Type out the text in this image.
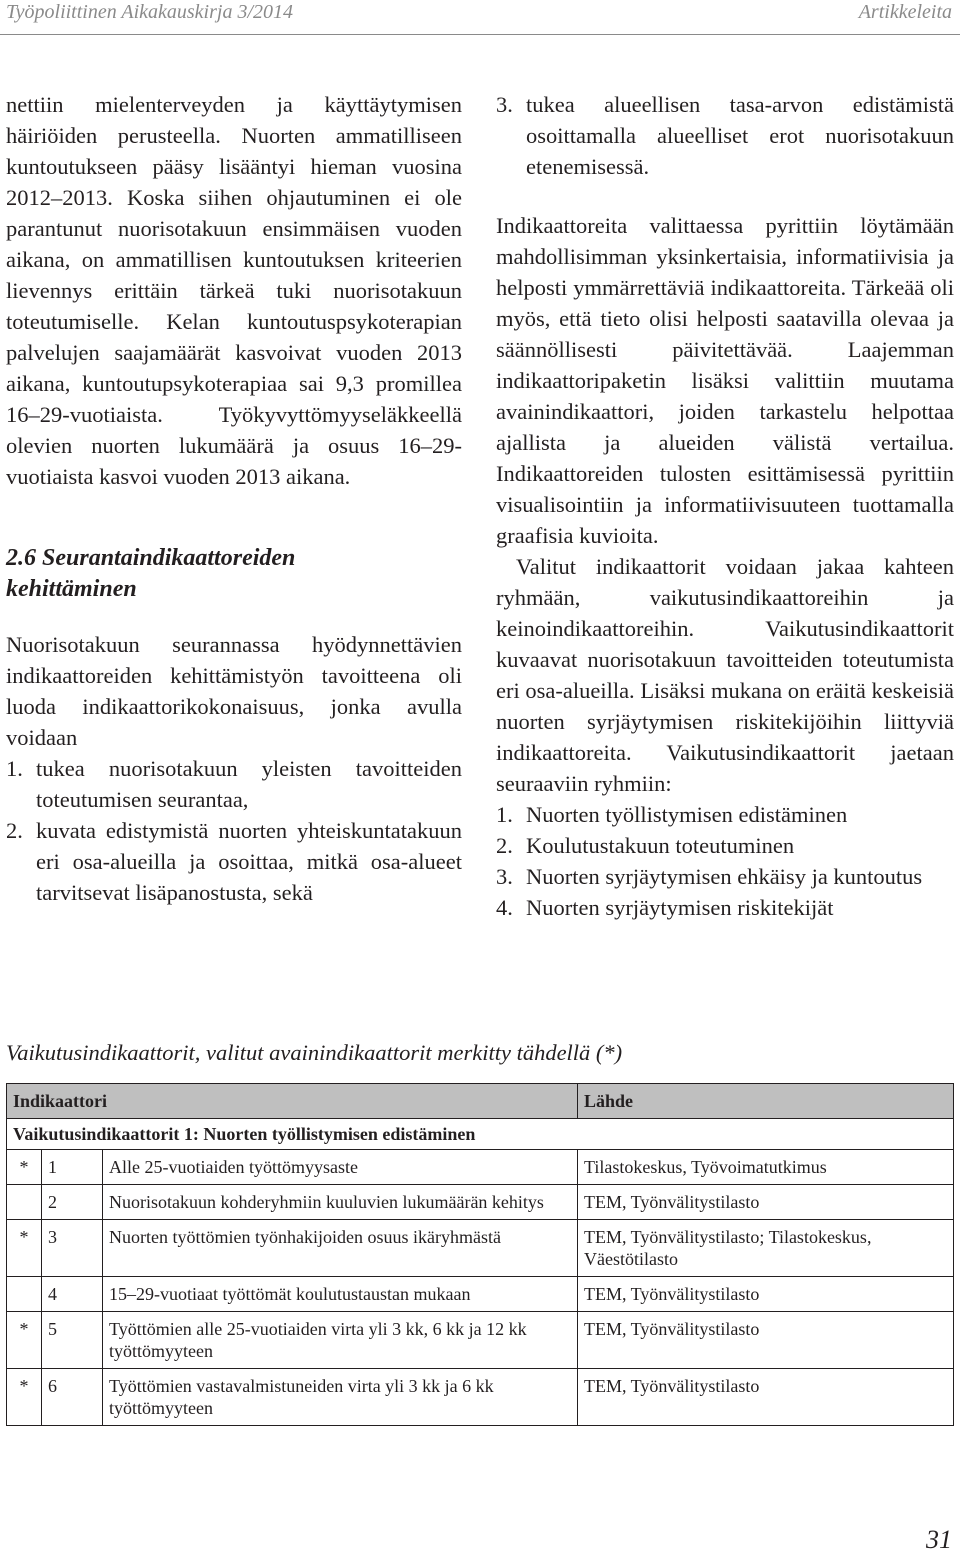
Työpoliittinen Aikakauskirja 3/2014	Artikkeleita

nettiin mielenterveyden ja käyttäytymisen häiriöiden perusteella. Nuorten ammatilliseen kuntoutukseen pääsy lisääntyi hieman vuosina 2012–2013. Koska siihen ohjautuminen ei ole parantunut nuorisotakuun ensimmäisen vuoden aikana, on ammatillisen kuntoutuksen kriteerien lievennys erittäin tärkeä tuki nuorisotakuun toteutumiselle. Kelan kuntoutuspsykoterapian palvelujen saajamäärät kasvoivat vuoden 2013 aikana, kuntoutupsykoterapiaa sai 9,3 promillea 16–29-vuotiaista. Työkyvyttömyyseläkkeellä olevien nuorten lukumäärä ja osuus 16–29-vuotiaista kasvoi vuoden 2013 aikana.

2.6 Seurantaindikaattoreiden
kehittäminen

Nuorisotakuun seurannassa hyödynnettävien indikaattoreiden kehittämistyön tavoitteena oli luoda indikaattorikokonaisuus, jonka avulla voidaan

1. tukea nuorisotakuun yleisten tavoitteiden toteutumisen seurantaa,
2. kuvata edistymistä nuorten yhteiskuntatakuun eri osa-alueilla ja osoittaa, mitkä osa-alueet tarvitsevat lisäpanostusta, sekä
3. tukea alueellisen tasa-arvon edistämistä osoittamalla alueelliset erot nuorisotakuun etenemisessä.

Indikaattoreita valittaessa pyrittiin löytämään mahdollisimman yksinkertaisia, informatiivisia ja helposti ymmärrettäviä indikaattoreita. Tärkeää oli myös, että tieto olisi helposti saatavilla olevaa ja säännöllisesti päivitettävää. Laajemman indikaattoripaketin lisäksi valittiin muutama avainindikaattori, joiden tarkastelu helpottaa ajallista ja alueiden välistä vertailua. Indikaattoreiden tulosten esittämisessä pyrittiin visualisointiin ja informatiivisuuteen tuottamalla graafisia kuvioita.

Valitut indikaattorit voidaan jakaa kahteen ryhmään, vaikutusindikaattoreihin ja keinoindikaattoreihin. Vaikutusindikaattorit kuvaavat nuorisotakuun tavoitteiden toteutumista eri osa-alueilla. Lisäksi mukana on eräitä keskeisiä nuorten syrjäytymisen riskitekijöihin liittyviä indikaattoreita. Vaikutusindikaattorit jaetaan seuraaviin ryhmiin:

1. Nuorten työllistymisen edistäminen
2. Koulutustakuun toteutuminen
3. Nuorten syrjäytymisen ehkäisy ja kuntoutus
4. Nuorten syrjäytymisen riskitekijät
Vaikutusindikaattorit, valitut avainindikaattorit merkitty tähdellä (*)
Indikaattori			Lähde
Vaikutusindikaattorit 1: Nuorten työllistymisen edistäminen			
*	1	Alle 25-vuotiaiden työttömyysaste	Tilastokeskus, Työvoimatutkimus
	2	Nuorisotakuun kohderyhmiin kuuluvien lukumäärän kehitys	TEM, Työnvälitystilasto
*	3	Nuorten työttömien työnhakijoiden osuus ikäryhmästä	TEM, Työnvälitystilasto; Tilastokeskus, Väestötilasto
	4	15–29-vuotiaat työttömät koulutustaustan mukaan	TEM, Työnvälitystilasto
*	5	Työttömien alle 25-vuotiaiden virta yli 3 kk, 6 kk ja 12 kk työttömyyteen	TEM, Työnvälitystilasto
*	6	Työttömien vastavalmistuneiden virta yli 3 kk ja 6 kk työttömyyteen	TEM, Työnvälitystilasto
31
